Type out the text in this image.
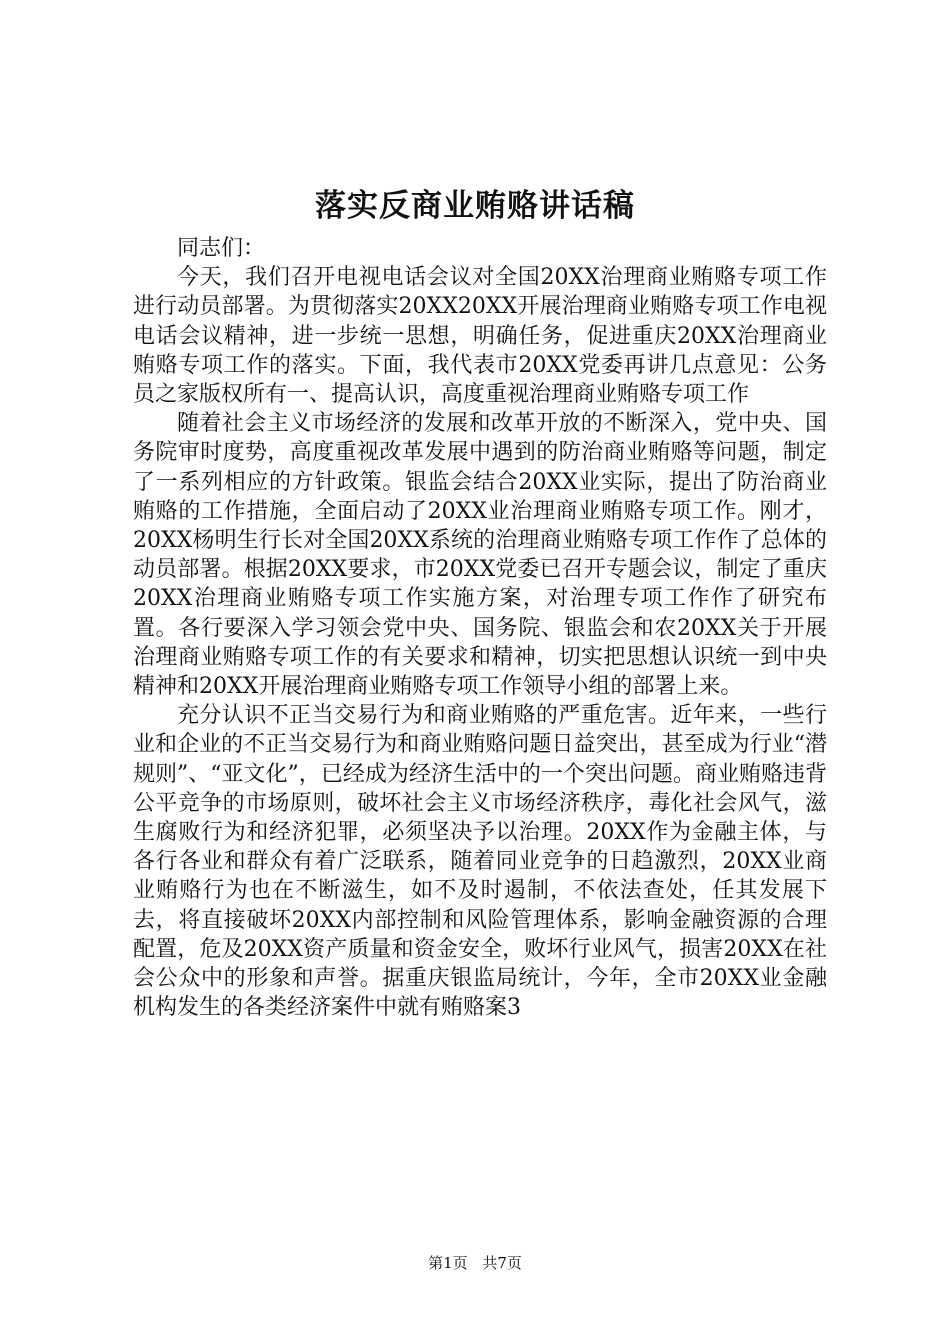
落实反商业贿赂讲话稿

同志们：

今天，我们召开电视电话会议对全国20XX治理商业贿赂专项工作进行动员部署。为贯彻落实20XX20XX开展治理商业贿赂专项工作电视电话会议精神，进一步统一思想，明确任务，促进重庆20XX治理商业贿赂专项工作的落实。下面，我代表市20XX党委再讲几点意见：公务员之家版权所有一、提高认识，高度重视治理商业贿赂专项工作

随着社会主义市场经济的发展和改革开放的不断深入，党中央、国务院审时度势，高度重视改革发展中遇到的防治商业贿赂等问题，制定了一系列相应的方针政策。银监会结合20XX业实际，提出了防治商业贿赂的工作措施，全面启动了20XX业治理商业贿赂专项工作。刚才，20XX杨明生行长对全国20XX系统的治理商业贿赂专项工作作了总体的动员部署。根据20XX要求，市20XX党委已召开专题会议，制定了重庆20XX治理商业贿赂专项工作实施方案，对治理专项工作作了研究布置。各行要深入学习领会党中央、国务院、银监会和农20XX关于开展治理商业贿赂专项工作的有关要求和精神，切实把思想认识统一到中央精神和20XX开展治理商业贿赂专项工作领导小组的部署上来。

充分认识不正当交易行为和商业贿赂的严重危害。近年来，一些行业和企业的不正当交易行为和商业贿赂问题日益突出，甚至成为行业“潜规则”、“亚文化”，已经成为经济生活中的一个突出问题。商业贿赂违背公平竞争的市场原则，破坏社会主义市场经济秩序，毒化社会风气，滋生腐败行为和经济犯罪，必须坚决予以治理。20XX作为金融主体，与各行各业和群众有着广泛联系，随着同业竞争的日趋激烈，20XX业商业贿赂行为也在不断滋生，如不及时遏制，不依法查处，任其发展下去，将直接破坏20XX内部控制和风险管理体系，影响金融资源的合理配置，危及20XX资产质量和资金安全，败坏行业风气，损害20XX在社会公众中的形象和声誉。据重庆银监局统计，今年，全市20XX业金融机构发生的各类经济案件中就有贿赂案3

第1页 共7页
